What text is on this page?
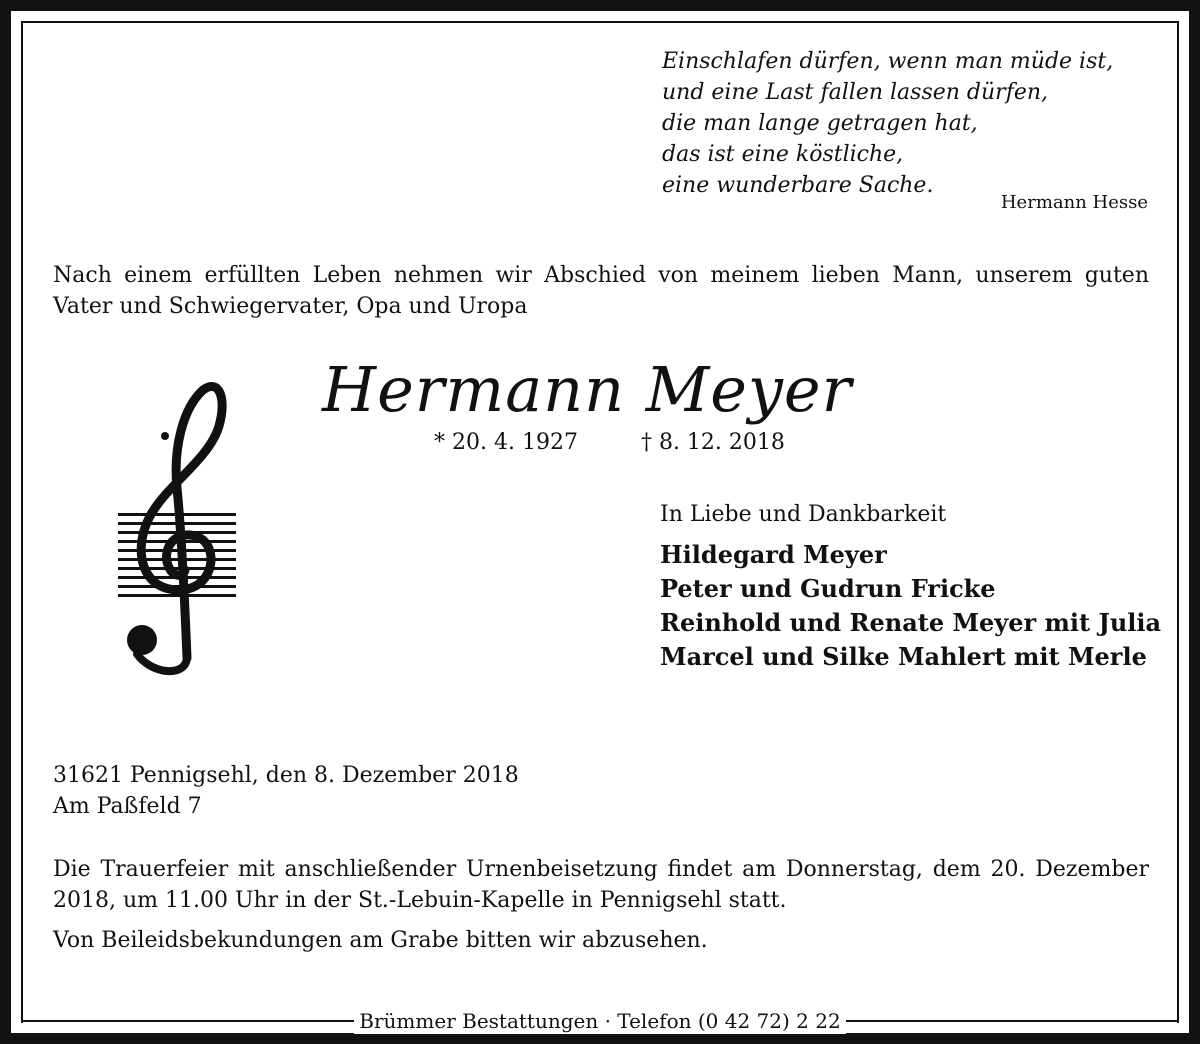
Einschlafen dürfen, wenn man müde ist,
und eine Last fallen lassen dürfen,
die man lange getragen hat,
das ist eine köstliche,
eine wunderbare Sache.
Hermann Hesse
Nach einem erfüllten Leben nehmen wir Abschied von meinem lieben Mann, unserem guten Vater und Schwiegervater, Opa und Uropa
Hermann Meyer
* 20. 4. 1927	† 8. 12. 2018
In Liebe und Dankbarkeit
Hildegard Meyer
Peter und Gudrun Fricke
Reinhold und Renate Meyer mit Julia
Marcel und Silke Mahlert mit Merle
31621 Pennigsehl, den 8. Dezember 2018
Am Paßfeld 7
Die Trauerfeier mit anschließender Urnenbeisetzung findet am Donnerstag, dem 20. Dezember 2018, um 11.00 Uhr in der St.-Lebuin-Kapelle in Pennigsehl statt.
Von Beileidsbekundungen am Grabe bitten wir abzusehen.
Brümmer Bestattungen · Telefon (0 42 72) 2 22
